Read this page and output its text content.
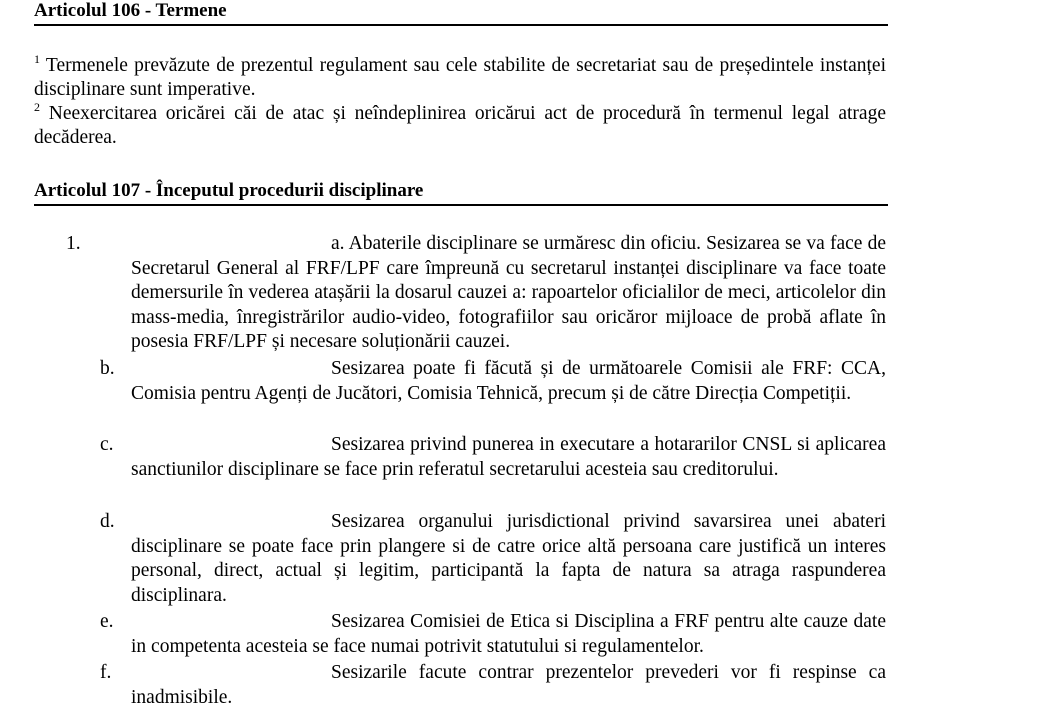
Articolul 106 - Termene
$^1$ Termenele prevăzute de prezentul regulament sau cele stabilite de secretariat sau de președintele instanței disciplinare sunt imperative.
$^2$ Neexercitarea oricărei căi de atac și neîndeplinirea oricărui act de procedură în termenul legal atrage decăderea.
Articolul 107 - Începutul procedurii disciplinare
1.	a. Abaterile disciplinare se urmăresc din oficiu. Sesizarea se va face de Secretarul General al FRF/LPF care împreună cu secretarul instanței disciplinare va face toate demersurile în vederea atașării la dosarul cauzei a: rapoartelor oficialilor de meci, articolelor din mass-media, înregistrărilor audio-video, fotografiilor sau oricăror mijloace de probă aflate în posesia FRF/LPF și necesare soluționării cauzei.
b.	Sesizarea poate fi făcută și de următoarele Comisii ale FRF: CCA, Comisia pentru Agenți de Jucători, Comisia Tehnică, precum și de către Direcția Competiții.
c.	Sesizarea privind punerea in executare a hotararilor CNSL si aplicarea sanctiunilor disciplinare se face prin referatul secretarului acesteia sau creditorului.
d.	Sesizarea organului jurisdictional privind savarsirea unei abateri disciplinare se poate face prin plangere si de catre orice altă persoana care justifică un interes personal, direct, actual și legitim, participantă la fapta de natura sa atraga raspunderea disciplinara.
e.	Sesizarea Comisiei de Etica si Disciplina a FRF pentru alte cauze date in competenta acesteia se face numai potrivit statutului si regulamentelor.
f.	Sesizarile facute contrar prezentelor prevederi vor fi respinse ca inadmisibile.
